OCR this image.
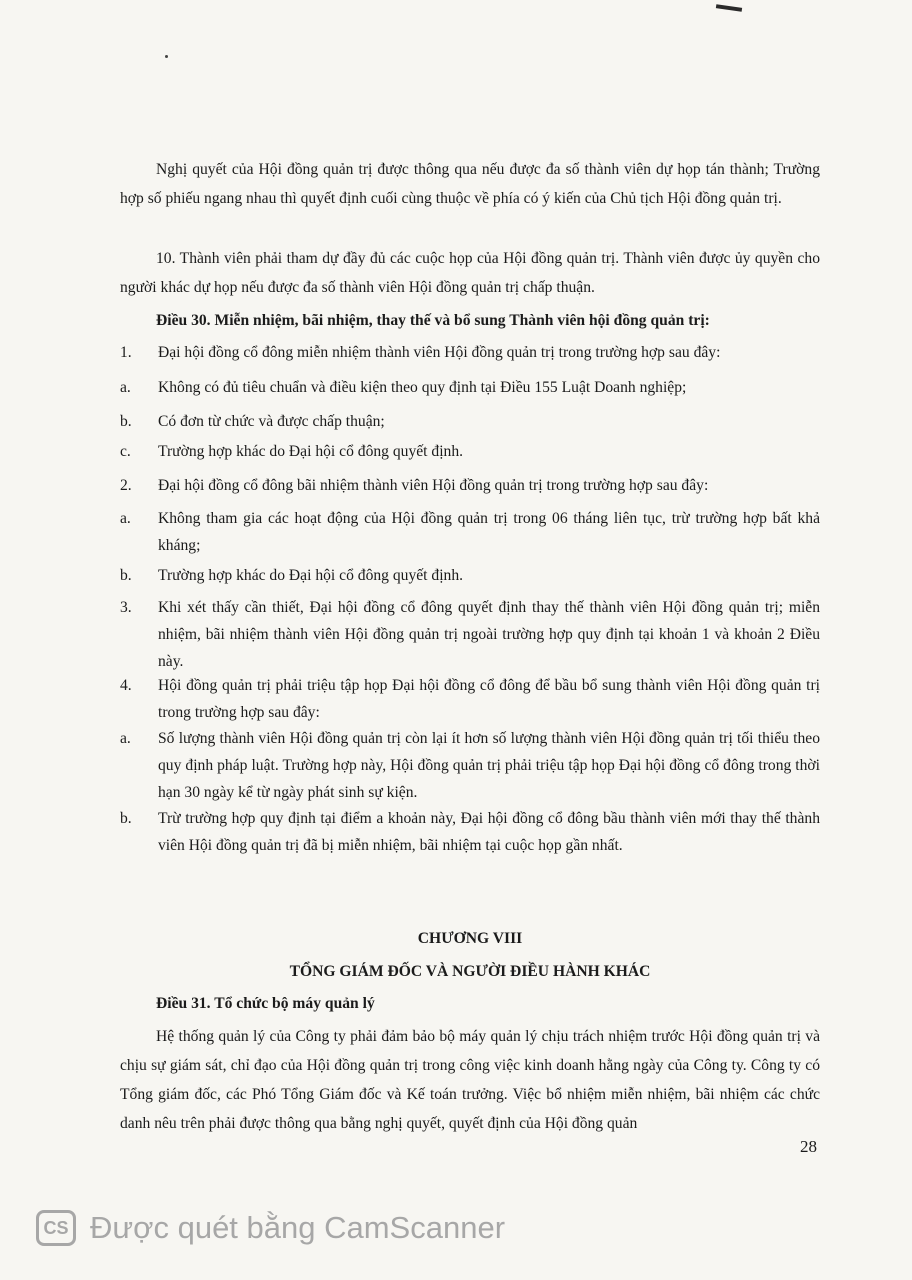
Nghị quyết của Hội đồng quản trị được thông qua nếu được đa số thành viên dự họp tán thành; Trường hợp số phiếu ngang nhau thì quyết định cuối cùng thuộc về phía có ý kiến của Chủ tịch Hội đồng quản trị.

10. Thành viên phải tham dự đầy đủ các cuộc họp của Hội đồng quản trị. Thành viên được ủy quyền cho người khác dự họp nếu được đa số thành viên Hội đồng quản trị chấp thuận.

Điều 30. Miễn nhiệm, bãi nhiệm, thay thế và bổ sung Thành viên hội đồng quản trị:
1. Đại hội đồng cổ đông miễn nhiệm thành viên Hội đồng quản trị trong trường hợp sau đây:
a. Không có đủ tiêu chuẩn và điều kiện theo quy định tại Điều 155 Luật Doanh nghiệp;
b. Có đơn từ chức và được chấp thuận;
c. Trường hợp khác do Đại hội cổ đông quyết định.
2. Đại hội đồng cổ đông bãi nhiệm thành viên Hội đồng quản trị trong trường hợp sau đây:
a. Không tham gia các hoạt động của Hội đồng quản trị trong 06 tháng liên tục, trừ trường hợp bất khả kháng;
b. Trường hợp khác do Đại hội cổ đông quyết định.
3. Khi xét thấy cần thiết, Đại hội đồng cổ đông quyết định thay thế thành viên Hội đồng quản trị; miễn nhiệm, bãi nhiệm thành viên Hội đồng quản trị ngoài trường hợp quy định tại khoản 1 và khoản 2 Điều này.
4. Hội đồng quản trị phải triệu tập họp Đại hội đồng cổ đông để bầu bổ sung thành viên Hội đồng quản trị trong trường hợp sau đây:
a. Số lượng thành viên Hội đồng quản trị còn lại ít hơn số lượng thành viên Hội đồng quản trị tối thiểu theo quy định pháp luật. Trường hợp này, Hội đồng quản trị phải triệu tập họp Đại hội đồng cổ đông trong thời hạn 30 ngày kể từ ngày phát sinh sự kiện.
b. Trừ trường hợp quy định tại điểm a khoản này, Đại hội đồng cổ đông bầu thành viên mới thay thế thành viên Hội đồng quản trị đã bị miễn nhiệm, bãi nhiệm tại cuộc họp gần nhất.
CHƯƠNG VIII
TỔNG GIÁM ĐỐC VÀ NGƯỜI ĐIỀU HÀNH KHÁC
Điều 31. Tổ chức bộ máy quản lý

Hệ thống quản lý của Công ty phải đảm bảo bộ máy quản lý chịu trách nhiệm trước Hội đồng quản trị và chịu sự giám sát, chỉ đạo của Hội đồng quản trị trong công việc kinh doanh hằng ngày của Công ty. Công ty có Tổng giám đốc, các Phó Tổng Giám đốc và Kế toán trưởng. Việc bổ nhiệm miễn nhiệm, bãi nhiệm các chức danh nêu trên phải được thông qua bằng nghị quyết, quyết định của Hội đồng quản

28
CS Được quét bằng CamScanner
